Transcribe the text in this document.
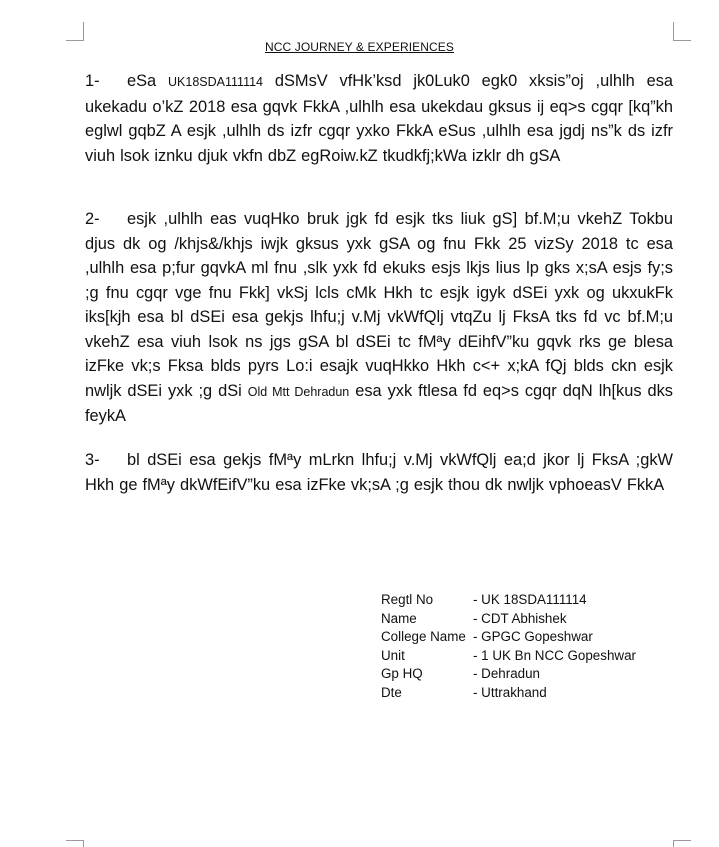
NCC JOURNEY & EXPERIENCES
1- eSa UK18SDA111114 dSMsV vfHk’ksd jk0Luk0 egk0 xksis”oj ,ulhlh esa ukekadu o’kZ 2018 esa gqvk FkkA ,ulhlh esa ukekdau gksus ij eq>s cgqr [kq”kh eglwl gqbZ A esjk ,ulhlh ds izfr cgqr yxko FkkA eSus ,ulhlh esa jgdj ns”k ds izfr viuh lsok iznku djuk vkfn dbZ egRoiw.kZ tkudkfj;kWa izklr dh gSA
2- esjk ,ulhlh eas vuqHko bruk jgk fd esjk tks liuk gS] bf.M;u vkehZ Tokbu djus dk og /khjs&/khjs iwjk gksus yxk gSA og fnu Fkk 25 vizSy 2018 tc esa ,ulhlh esa p;fur gqvkA ml fnu ,slk yxk fd ekuks esjs lkjs lius lp gks x;sA esjs fy;s ;g fnu cgqr vge fnu Fkk] vkSj lcls cMk Hkh tc esjk igyk dSEi yxk og ukxukFk iks[kjh esa bl dSEi esa gekjs lhfu;j v.Mj vkWfQlj vtqZu lj FksA tks fd vc bf.M;u vkehZ esa viuh lsok ns jgs gSA bl dSEi tc fMªy dEihfV”ku gqvk rks ge blesa izFke vk;s Fksa blds pyrs Lo:i esajk vuqHkko Hkh c<+ x;kA fQj blds ckn esjk nwljk dSEi yxk ;g dSi Old Mtt Dehradun esa yxk ftlesa fd eq>s cgqr dqN lh[kus dks feykA
3- bl dSEi esa gekjs fMªy mLrkn lhfu;j v.Mj vkWfQlj ea;d jkor lj FksA ;gkW Hkh ge fMªy dkWfEifV”ku esa izFke vk;sA ;g esjk thou dk nwljk vphoeasV FkkA
Regtl No	- UK 18SDA111114
Name	- CDT Abhishek
College Name - GPGC Gopeshwar
Unit	- 1 UK Bn NCC Gopeshwar
Gp HQ	- Dehradun
Dte	- Uttrakhand
